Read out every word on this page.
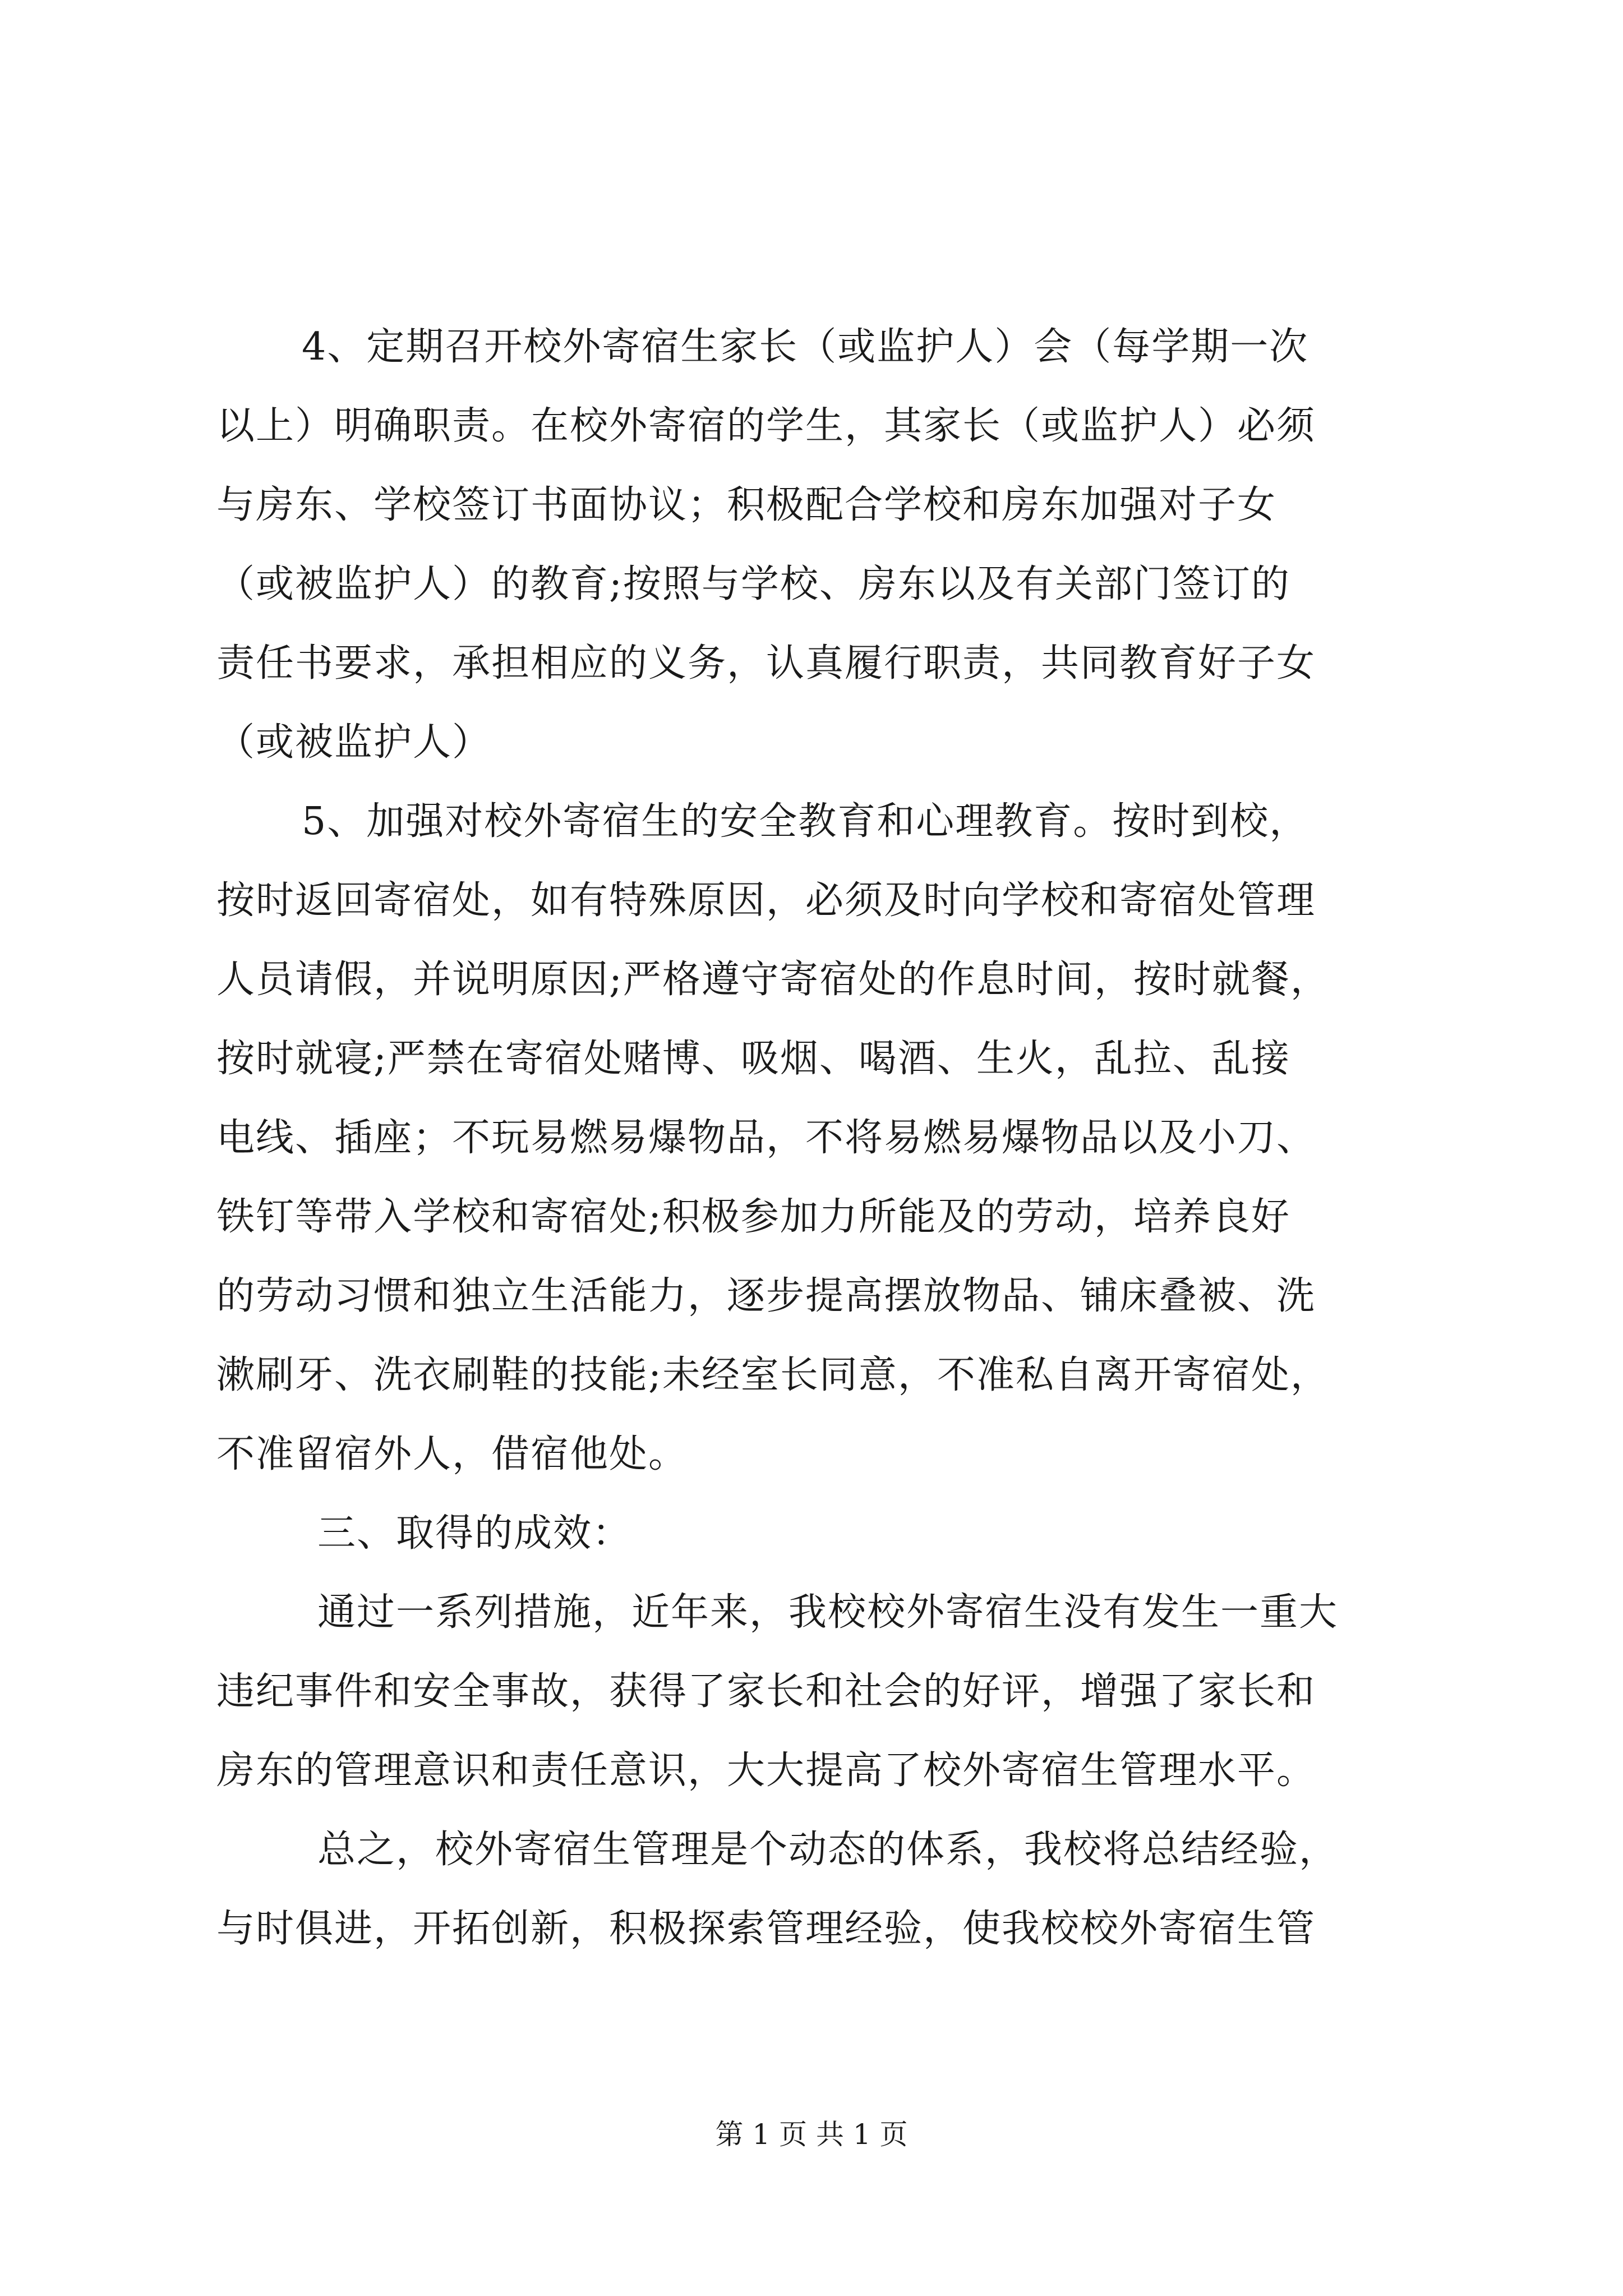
4、定期召开校外寄宿生家长（或监护人）会（每学期一次
以上）明确职责。在校外寄宿的学生，其家长（或监护人）必须
与房东、学校签订书面协议；积极配合学校和房东加强对子女
（或被监护人）的教育;按照与学校、房东以及有关部门签订的
责任书要求，承担相应的义务，认真履行职责，共同教育好子女
（或被监护人）
5、加强对校外寄宿生的安全教育和心理教育。按时到校，
按时返回寄宿处，如有特殊原因，必须及时向学校和寄宿处管理
人员请假，并说明原因;严格遵守寄宿处的作息时间，按时就餐，
按时就寝;严禁在寄宿处赌博、吸烟、喝酒、生火，乱拉、乱接
电线、插座；不玩易燃易爆物品，不将易燃易爆物品以及小刀、
铁钉等带入学校和寄宿处;积极参加力所能及的劳动，培养良好
的劳动习惯和独立生活能力，逐步提高摆放物品、铺床叠被、洗
漱刷牙、洗衣刷鞋的技能;未经室长同意，不准私自离开寄宿处，
不准留宿外人，借宿他处。
三、取得的成效：
通过一系列措施，近年来，我校校外寄宿生没有发生一重大
违纪事件和安全事故，获得了家长和社会的好评，增强了家长和
房东的管理意识和责任意识，大大提高了校外寄宿生管理水平。
总之，校外寄宿生管理是个动态的体系，我校将总结经验，
与时俱进，开拓创新，积极探索管理经验，使我校校外寄宿生管
第 1 页 共 1 页
